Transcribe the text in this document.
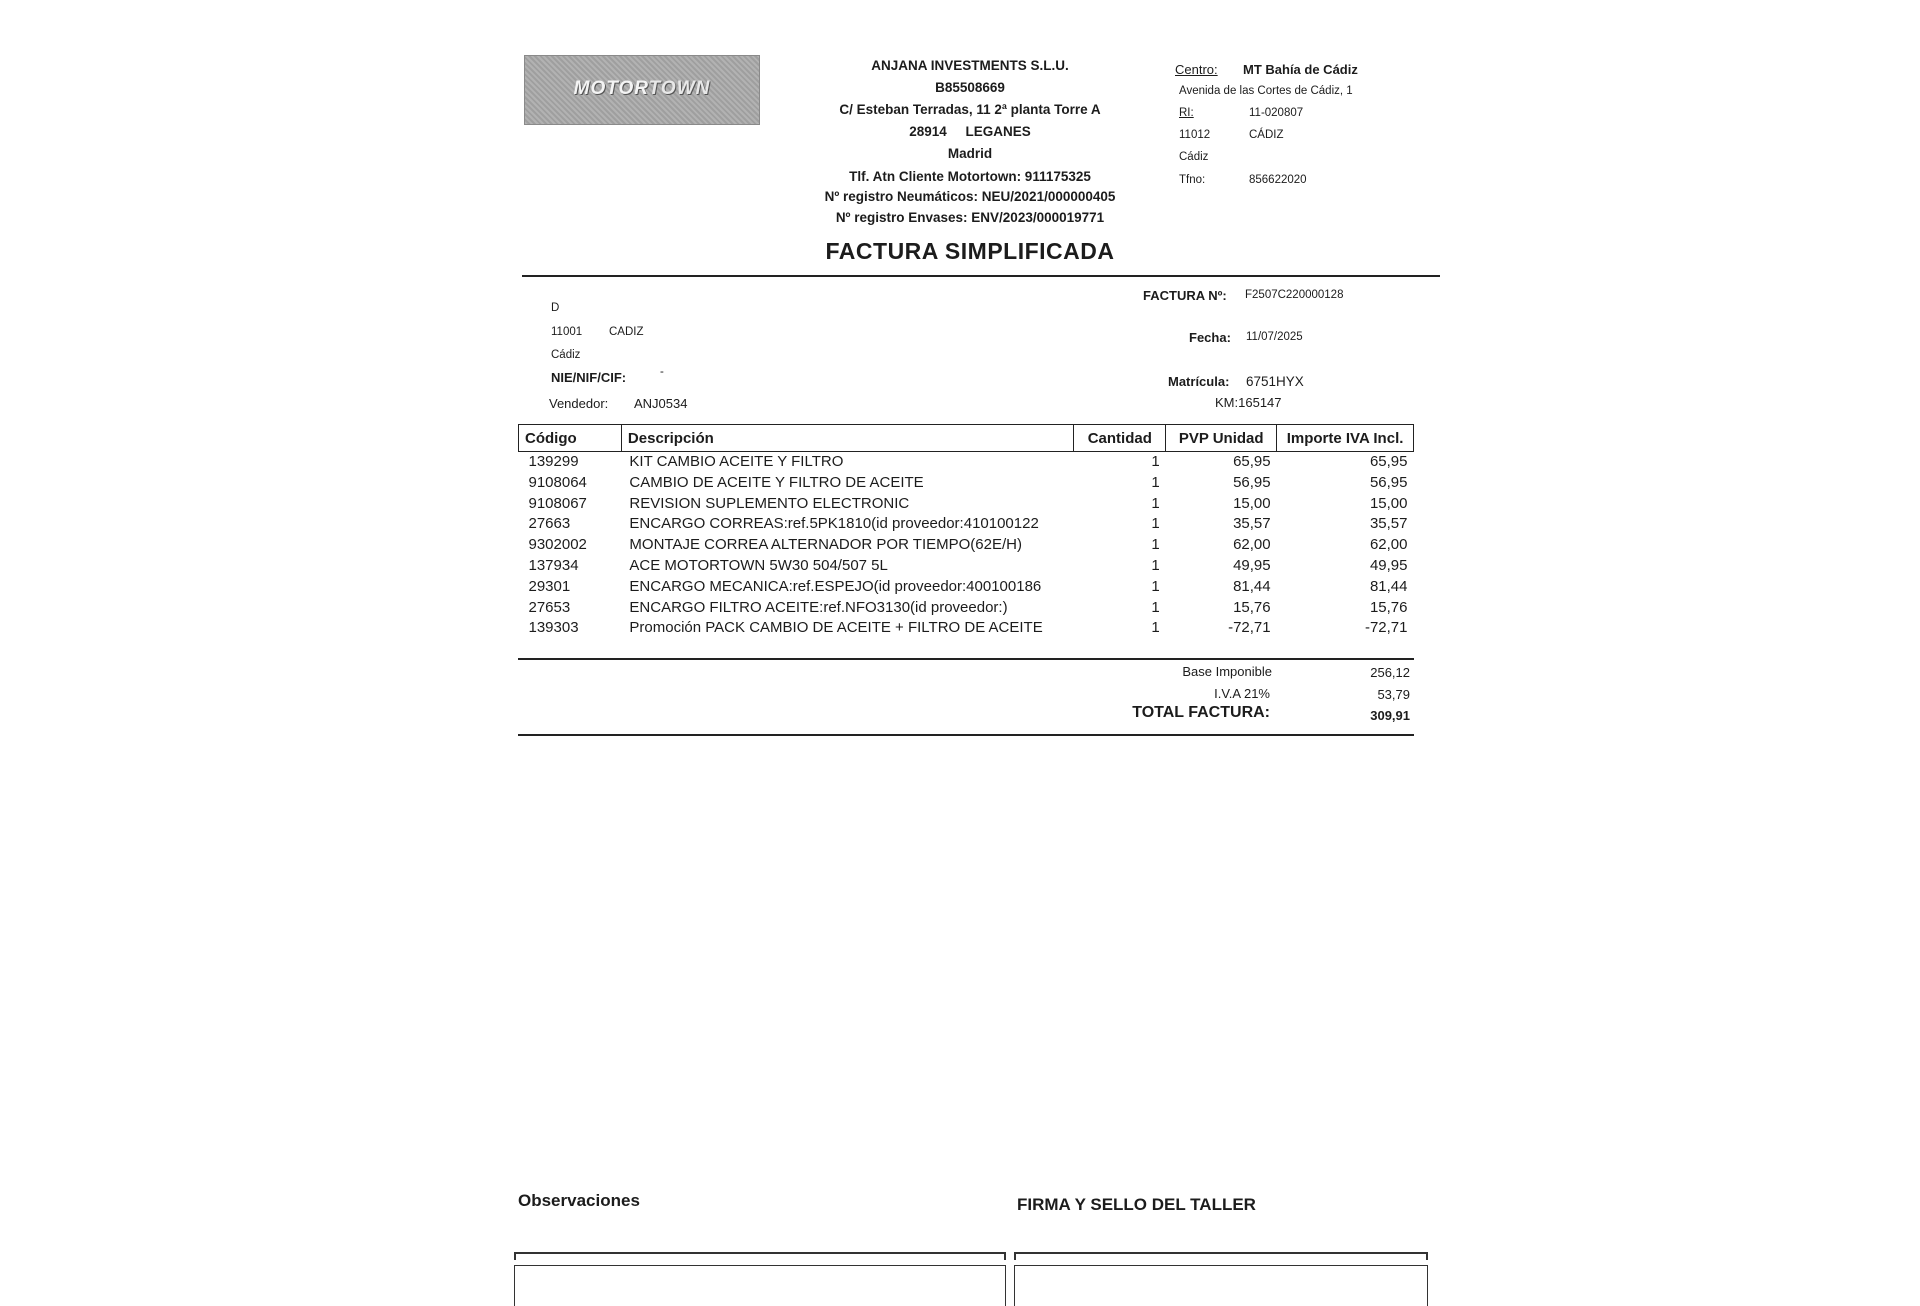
MOTORTOWN
ANJANA INVESTMENTS S.L.U.
B85508669
C/ Esteban Terradas, 11 2ª planta Torre A
28914 LEGANES
Madrid
Tlf. Atn Cliente Motortown: 911175325
Nº registro Neumáticos: NEU/2021/000000405
Nº registro Envases: ENV/2023/000019771
Centro: MT Bahía de Cádiz
Avenida de las Cortes de Cádiz, 1
RI:	11-020807
11012	CÁDIZ
Cádiz
Tfno:	856622020
FACTURA SIMPLIFICADA
D
11001 CADIZ
Cádiz
NIE/NIF/CIF:	-
Vendedor: ANJ0534
FACTURA Nº: F2507C220000128
Fecha: 11/07/2025
Matrícula: 6751HYX
KM:165147
Código	Descripción	Cantidad	PVP Unidad	Importe IVA Incl.
139299	KIT CAMBIO ACEITE Y FILTRO	1	65,95	65,95
9108064	CAMBIO DE ACEITE Y FILTRO DE ACEITE	1	56,95	56,95
9108067	REVISION SUPLEMENTO ELECTRONIC	1	15,00	15,00
27663	ENCARGO CORREAS:ref.5PK1810(id proveedor:410100122	1	35,57	35,57
9302002	MONTAJE CORREA ALTERNADOR POR TIEMPO(62E/H)	1	62,00	62,00
137934	ACE MOTORTOWN 5W30 504/507 5L	1	49,95	49,95
29301	ENCARGO MECANICA:ref.ESPEJO(id proveedor:400100186	1	81,44	81,44
27653	ENCARGO FILTRO ACEITE:ref.NFO3130(id proveedor:)	1	15,76	15,76
139303	Promoción PACK CAMBIO DE ACEITE + FILTRO DE ACEITE	1	-72,71	-72,71
Base Imponible	256,12
I.V.A 21%	53,79
TOTAL FACTURA:	309,91
Observaciones	FIRMA Y SELLO DEL TALLER
